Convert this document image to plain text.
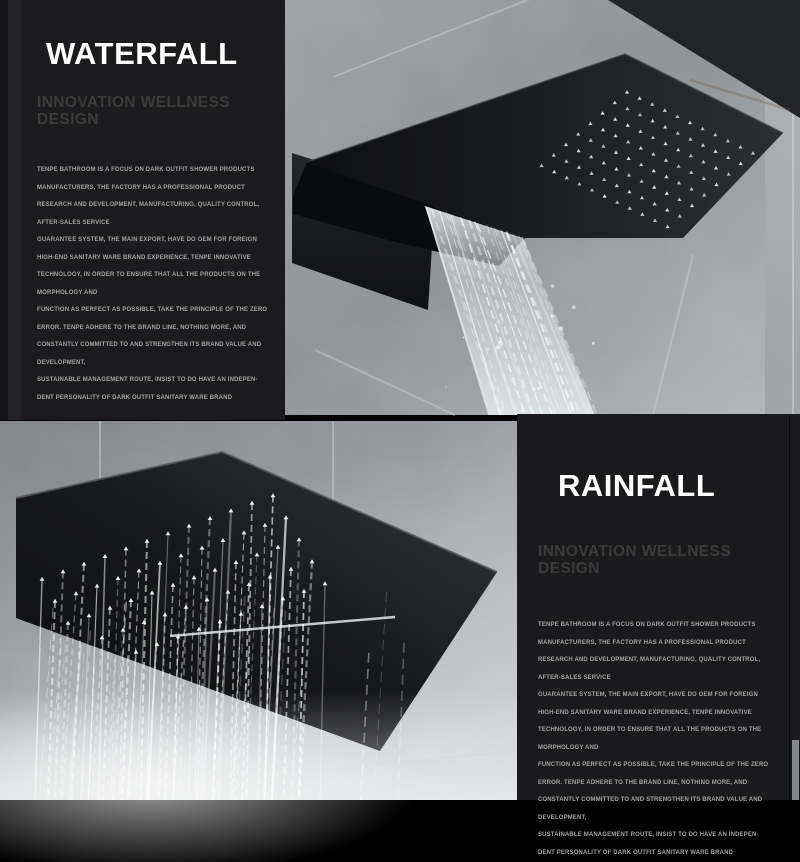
WATERFALL
INNOVATION WELLNESS
DESIGN
TENPE BATHROOM IS A FOCUS ON DARK OUTFIT SHOWER PRODUCTS
MANUFACTURERS, THE FACTORY HAS A PROFESSIONAL PRODUCT
RESEARCH AND DEVELOPMENT, MANUFACTURING, QUALITY CONTROL,
AFTER-SALES SERVICE
GUARANTEE SYSTEM, THE MAIN EXPORT, HAVE DO OEM FOR FOREIGN
HIGH-END SANITARY WARE BRAND EXPERIENCE, TENPE INNOVATIVE
TECHNOLOGY, IN ORDER TO ENSURE THAT ALL THE PRODUCTS ON THE
MORPHOLOGY AND
FUNCTION AS PERFECT AS POSSIBLE, TAKE THE PRINCIPLE OF THE ZERO
ERROR. TENPE ADHERE TO THE BRAND LINE, NOTHING MORE, AND
CONSTANTLY COMMITTED TO AND STRENGTHEN ITS BRAND VALUE AND
DEVELOPMENT,
SUSTAINABLE MANAGEMENT ROUTE, INSIST TO DO HAVE AN INDEPEN-
DENT PERSONALITY OF DARK OUTFIT SANITARY WARE BRAND
RAINFALL
INNOVATION WELLNESS
DESIGN
TENPE BATHROOM IS A FOCUS ON DARK OUTFIT SHOWER PRODUCTS
MANUFACTURERS, THE FACTORY HAS A PROFESSIONAL PRODUCT
RESEARCH AND DEVELOPMENT, MANUFACTURING, QUALITY CONTROL,
AFTER-SALES SERVICE
GUARANTEE SYSTEM, THE MAIN EXPORT, HAVE DO OEM FOR FOREIGN
HIGH-END SANITARY WARE BRAND EXPERIENCE, TENPE INNOVATIVE
TECHNOLOGY, IN ORDER TO ENSURE THAT ALL THE PRODUCTS ON THE
MORPHOLOGY AND
FUNCTION AS PERFECT AS POSSIBLE, TAKE THE PRINCIPLE OF THE ZERO
ERROR. TENPE ADHERE TO THE BRAND LINE, NOTHING MORE, AND
CONSTANTLY COMMITTED TO AND STRENGTHEN ITS BRAND VALUE AND
DEVELOPMENT,
SUSTAINABLE MANAGEMENT ROUTE, INSIST TO DO HAVE AN INDEPEN-
DENT PERSONALITY OF DARK OUTFIT SANITARY WARE BRAND
